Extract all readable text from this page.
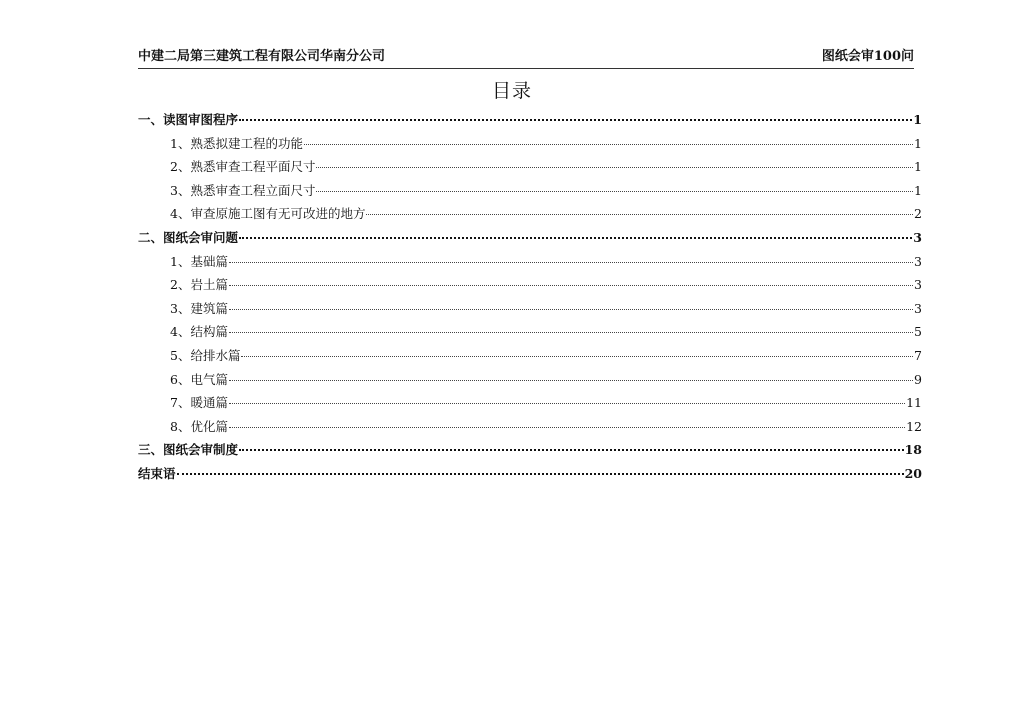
中建二局第三建筑工程有限公司华南分公司	图纸会审100问
目录
一、读图审图程序	1
1、熟悉拟建工程的功能	1
2、熟悉审查工程平面尺寸	1
3、熟悉审查工程立面尺寸	1
4、审查原施工图有无可改进的地方	2
二、图纸会审问题	3
1、基础篇	3
2、岩土篇	3
3、建筑篇	3
4、结构篇	5
5、给排水篇	7
6、电气篇	9
7、暖通篇	11
8、优化篇	12
三、图纸会审制度	18
结束语	20
